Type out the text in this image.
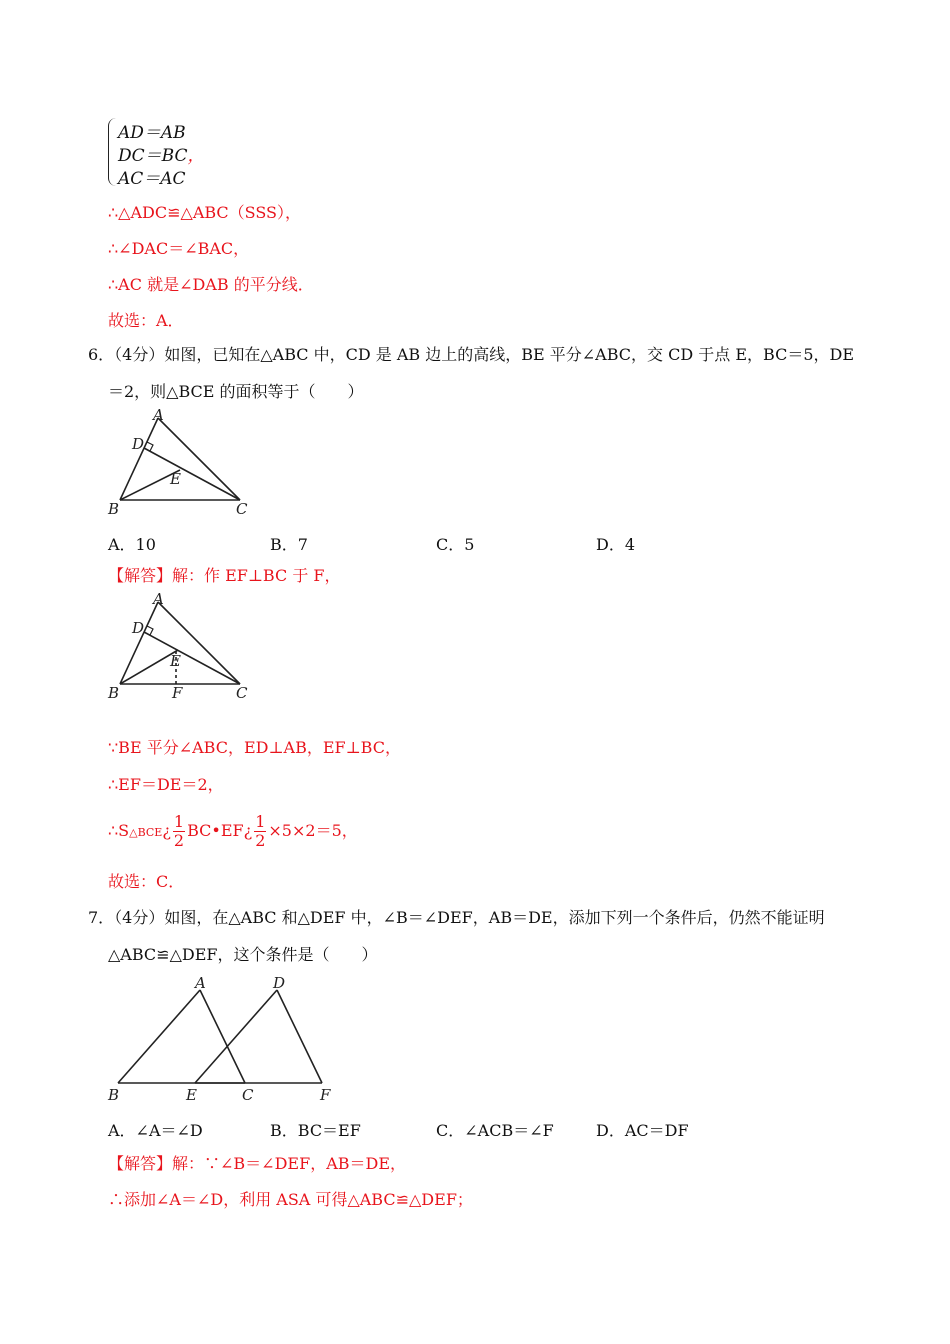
AD＝AB
DC＝BC，
AC＝AC
∴△ADC≌△ABC（SSS），
∴∠DAC＝∠BAC，
∴AC 就是∠DAB 的平分线．
故选：A．
6．（4分）如图，已知在△ABC 中，CD 是 AB 边上的高线，BE 平分∠ABC，交 CD 于点 E，BC＝5，DE
＝2，则△BCE 的面积等于（　　）
A
D
E
B	C
A．10	B．7	C．5	D．4
【解答】解：作 EF⊥BC 于 F，
A
D
E
B	F	C
∵BE 平分∠ABC，ED⊥AB，EF⊥BC，
∴EF＝DE＝2，
∴S△BCE¿ $\frac{1}{2}$ BC•EF¿ $\frac{1}{2} \times 5\times 2=5$，
故选：C．
7．（4分）如图，在△ABC 和△DEF 中，∠B＝∠DEF，AB＝DE，添加下列一个条件后，仍然不能证明
△ABC≌△DEF，这个条件是（　　）
A	D
B	E	C	F
A．∠A＝∠D	B．BC＝EF	C．∠ACB＝∠F	D．AC＝DF
【解答】解：∵∠B＝∠DEF，AB＝DE，
∴添加∠A＝∠D，利用 ASA 可得△ABC≌△DEF；
